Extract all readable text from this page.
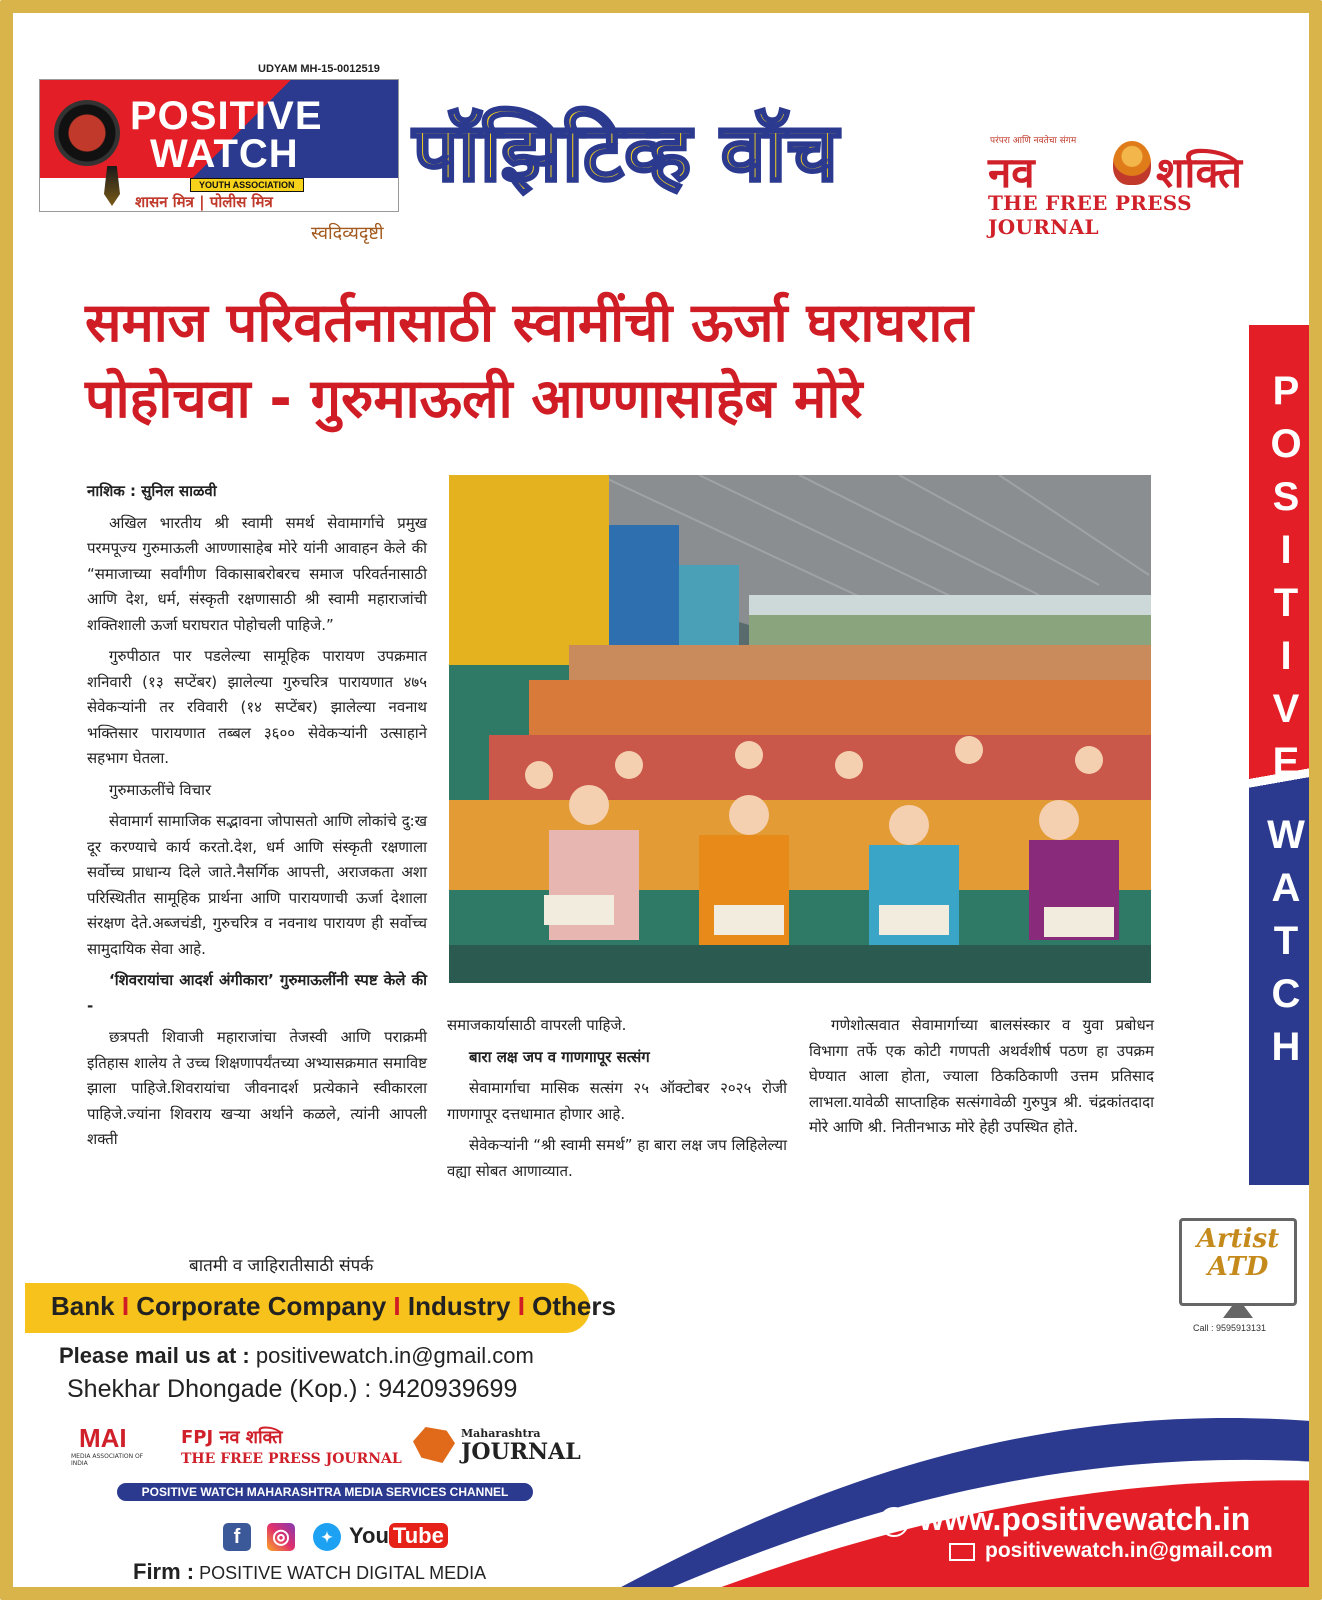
UDYAM MH-15-0012519
POSITIVE
WATCH
YOUTH ASSOCIATION
शासन मित्र | पोलीस मित्र
स्वदिव्यदृष्टी
पॉझिटिव्ह वॉच	परंपरा आणि नवतेचा संगम
नव	शक्ति
THE FREE PRESS JOURNAL
समाज परिवर्तनासाठी स्वामींची ऊर्जा घराघरात
पोहोचवा - गुरुमाऊली आण्णासाहेब मोरे	P
O
S
I
T
I
V
E
W
A
T
C
H
नाशिक : सुनिल साळवी

अखिल भारतीय श्री स्वामी समर्थ सेवामार्गाचे प्रमुख परमपूज्य गुरुमाऊली आण्णासाहेब मोरे यांनी आवाहन केले की “समाजाच्या सर्वांगीण विकासाबरोबरच समाज परिवर्तनासाठी आणि देश, धर्म, संस्कृती रक्षणासाठी श्री स्वामी महाराजांची शक्तिशाली ऊर्जा घराघरात पोहोचली पाहिजे.”

गुरुपीठात पार पडलेल्या सामूहिक पारायण उपक्रमात शनिवारी (१३ सप्टेंबर) झालेल्या गुरुचरित्र पारायणात ४७५ सेवेकऱ्यांनी तर रविवारी (१४ सप्टेंबर) झालेल्या नवनाथ भक्तिसार पारायणात तब्बल ३६०० सेवेकऱ्यांनी उत्साहाने सहभाग घेतला.

गुरुमाऊलींचे विचार

सेवामार्ग सामाजिक सद्भावना जोपासतो आणि लोकांचे दु:ख दूर करण्याचे कार्य करतो.देश, धर्म आणि संस्कृती रक्षणाला सर्वोच्च प्राधान्य दिले जाते.नैसर्गिक आपत्ती, अराजकता अशा परिस्थितीत सामूहिक प्रार्थना आणि पारायणाची ऊर्जा देशाला संरक्षण देते.अब्जचंडी, गुरुचरित्र व नवनाथ पारायण ही सर्वोच्च सामुदायिक सेवा आहे.

‘शिवरायांचा आदर्श अंगीकारा’ गुरुमाऊलींनी स्पष्ट केले की -

छत्रपती शिवाजी महाराजांचा तेजस्वी आणि पराक्रमी इतिहास शालेय ते उच्च शिक्षणापर्यंतच्या अभ्यासक्रमात समाविष्ट झाला पाहिजे.शिवरायांचा जीवनादर्श प्रत्येकाने स्वीकारला पाहिजे.ज्यांना शिवराय खऱ्या अर्थाने कळले, त्यांनी आपली शक्ती

समाजकार्यासाठी वापरली पाहिजे.

बारा लक्ष जप व गाणगापूर सत्संग

सेवामार्गाचा मासिक सत्संग २५ ऑक्टोबर २०२५ रोजी गाणगापूर दत्तधामात होणार आहे.

सेवेकऱ्यांनी “श्री स्वामी समर्थ” हा बारा लक्ष जप लिहिलेल्या वह्या सोबत आणाव्यात.

गणेशोत्सवात सेवामार्गाच्या बालसंस्कार व युवा प्रबोधन विभागा तर्फे एक कोटी गणपती अथर्वशीर्ष पठण हा उपक्रम घेण्यात आला होता, ज्याला ठिकठिकाणी उत्तम प्रतिसाद लाभला.यावेळी साप्ताहिक सत्संगावेळी गुरुपुत्र श्री. चंद्रकांतदादा मोरे आणि श्री. नितीनभाऊ मोरे हेही उपस्थित होते.

Artist
ATD
Call : 9595913131
बातमी व जाहिरातीसाठी संपर्क
Bank I Corporate Company I Industry I Others
Please mail us at : positivewatch.in@gmail.com
Shekhar Dhongade (Kop.) : 9420939699
MAI
MEDIA ASSOCIATION OF INDIA
FPJ नव शक्ति
THE FREE PRESS JOURNAL
Maharashtra
JOURNAL
POSITIVE WATCH MAHARASHTRA MEDIA SERVICES CHANNEL
f	◎	✦ You Tube
Firm : POSITIVE WATCH DIGITAL MEDIA
www.positivewatch.in
positivewatch.in@gmail.com
